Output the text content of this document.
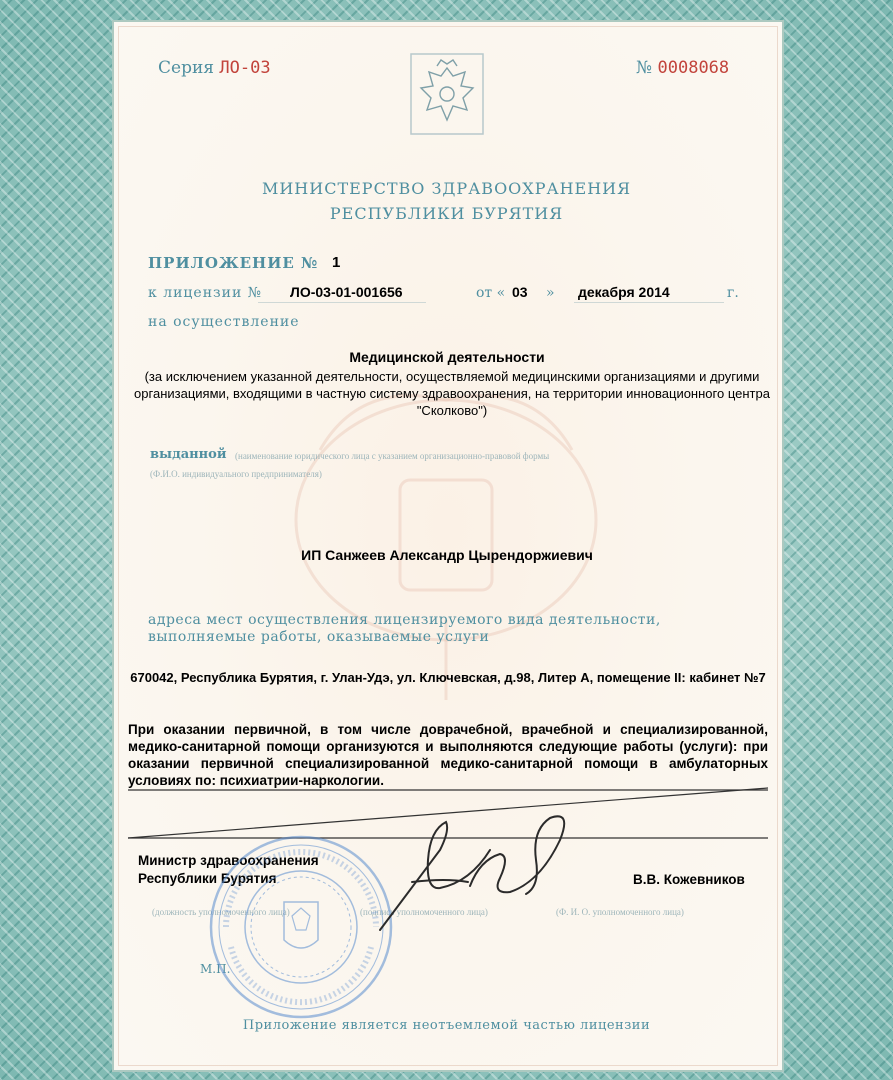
Серия ЛО-03	№ 0008068
МИНИСТЕРСТВО ЗДРАВООХРАНЕНИЯ
РЕСПУБЛИКИ БУРЯТИЯ
ПРИЛОЖЕНИЕ № 1
к лицензии № ЛО-03-01-001656	от « 03 » декабря 2014	г.
на осуществление
Медицинской деятельности
(за исключением указанной деятельности, осуществляемой медицинскими организациями и другими организациями, входящими в частную систему здравоохранения, на территории инновационного центра "Сколково")
выданной (наименование юридического лица с указанием организационно-правовой формы
(Ф.И.О. индивидуального предпринимателя)
ИП Санжеев Александр Цырендоржиевич
адреса мест осуществления лицензируемого вида деятельности,
выполняемые работы, оказываемые услуги
670042, Республика Бурятия, г. Улан-Удэ, ул. Ключевская, д.98, Литер А, помещение II: кабинет №7
При оказании первичной, в том числе доврачебной, врачебной и специализированной, медико-санитарной помощи организуются и выполняются следующие работы (услуги): при оказании первичной специализированной медико-санитарной помощи в амбулаторных условиях по: психиатрии-наркологии.
Министр здравоохранения
Республики Бурятия	В.В. Кожевников
(должность уполномоченного лица)	(подпись уполномоченного лица)	(Ф. И. О. уполномоченного лица)
М.П.
Приложение является неотъемлемой частью лицензии
